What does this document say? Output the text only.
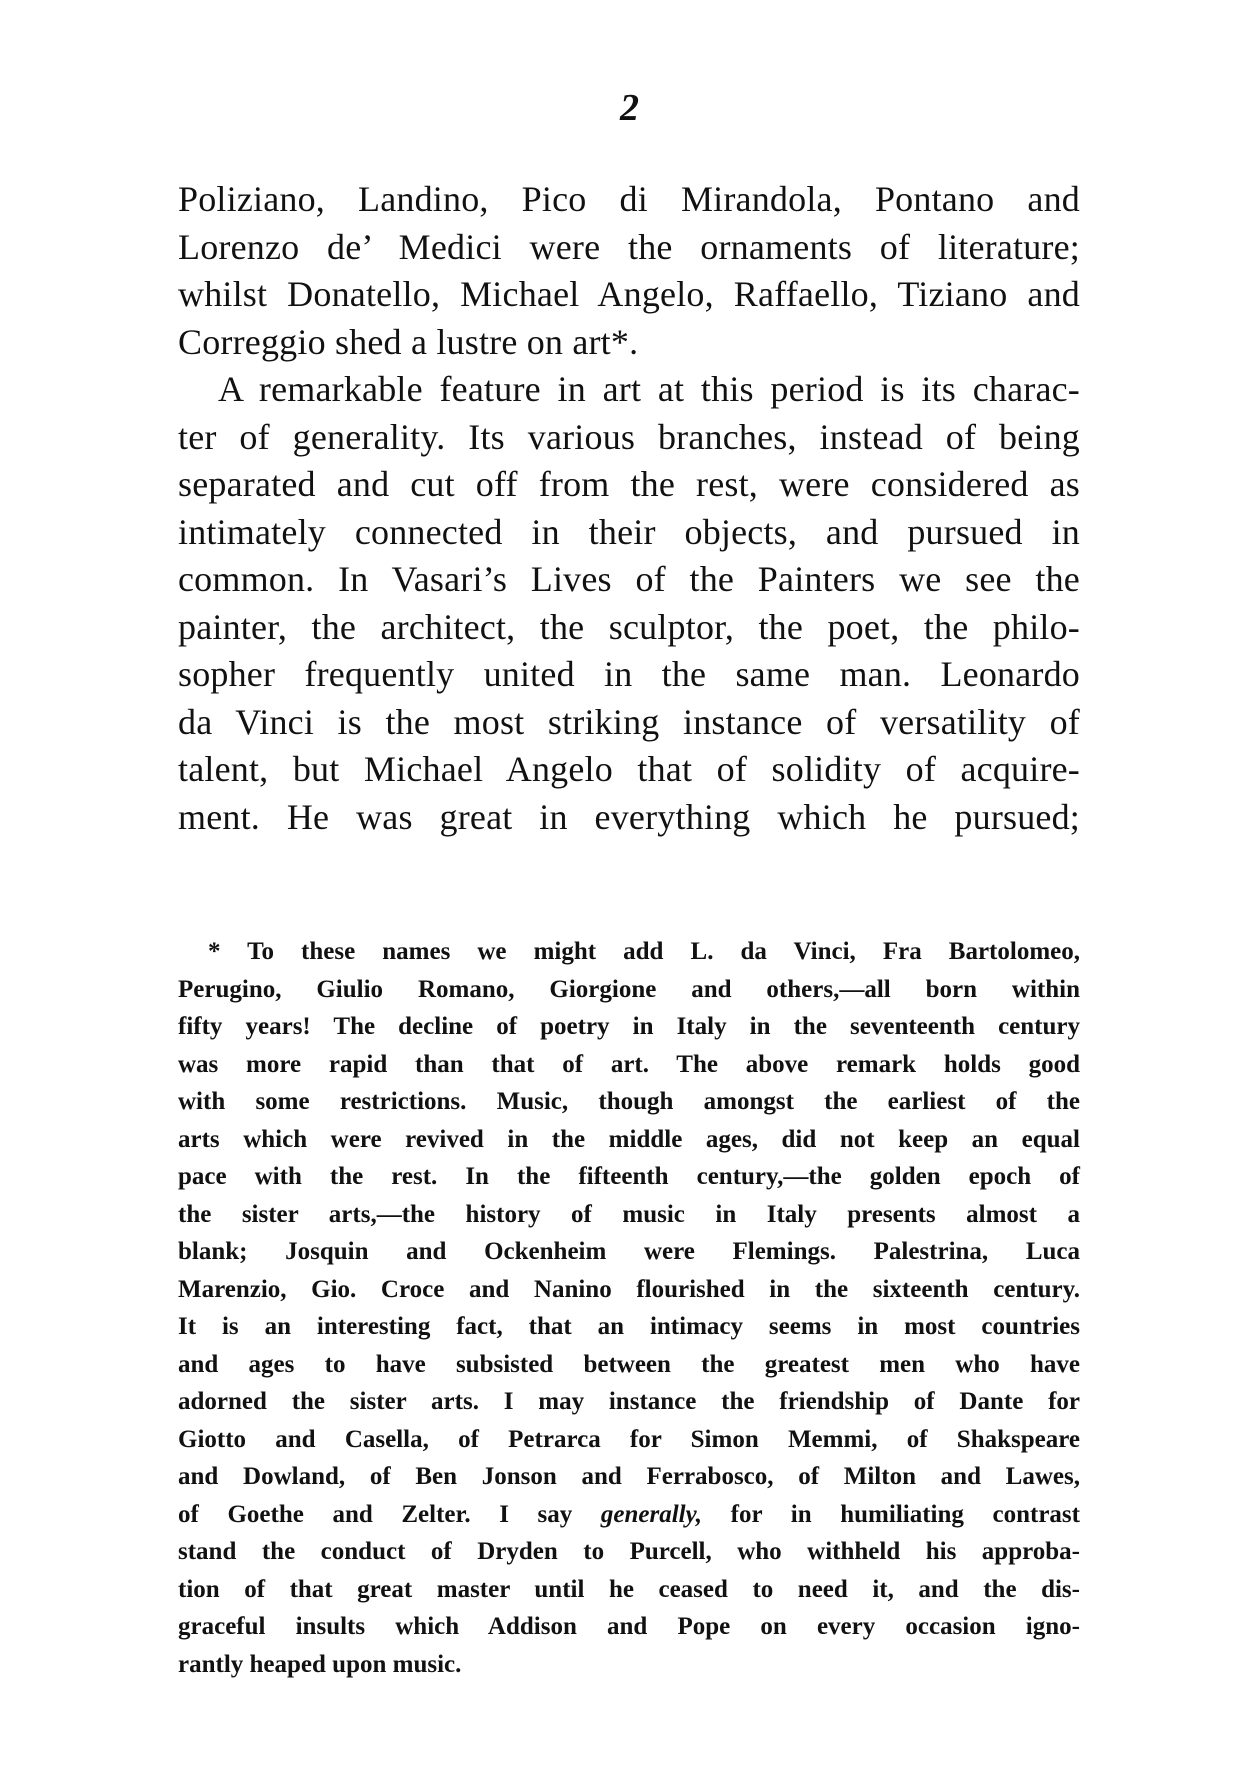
2
Poliziano, Landino, Pico di Mirandola, Pontano and
Lorenzo de’ Medici were the ornaments of literature;
whilst Donatello, Michael Angelo, Raffaello, Tiziano and
Correggio shed a lustre on art*.
A remarkable feature in art at this period is its charac-
ter of generality. Its various branches, instead of being
separated and cut off from the rest, were considered as
intimately connected in their objects, and pursued in
common. In Vasari’s Lives of the Painters we see the
painter, the architect, the sculptor, the poet, the philo-
sopher frequently united in the same man. Leonardo
da Vinci is the most striking instance of versatility of
talent, but Michael Angelo that of solidity of acquire-
ment. He was great in everything which he pursued;
* To these names we might add L. da Vinci, Fra Bartolomeo,
Perugino, Giulio Romano, Giorgione and others,—all born within
fifty years! The decline of poetry in Italy in the seventeenth century
was more rapid than that of art. The above remark holds good
with some restrictions. Music, though amongst the earliest of the
arts which were revived in the middle ages, did not keep an equal
pace with the rest. In the fifteenth century,—the golden epoch of
the sister arts,—the history of music in Italy presents almost a
blank; Josquin and Ockenheim were Flemings. Palestrina, Luca
Marenzio, Gio. Croce and Nanino flourished in the sixteenth century.
It is an interesting fact, that an intimacy seems in most countries
and ages to have subsisted between the greatest men who have
adorned the sister arts. I may instance the friendship of Dante for
Giotto and Casella, of Petrarca for Simon Memmi, of Shakspeare
and Dowland, of Ben Jonson and Ferrabosco, of Milton and Lawes,
of Goethe and Zelter. I say generally, for in humiliating contrast
stand the conduct of Dryden to Purcell, who withheld his approba-
tion of that great master until he ceased to need it, and the dis-
graceful insults which Addison and Pope on every occasion igno-
rantly heaped upon music.
